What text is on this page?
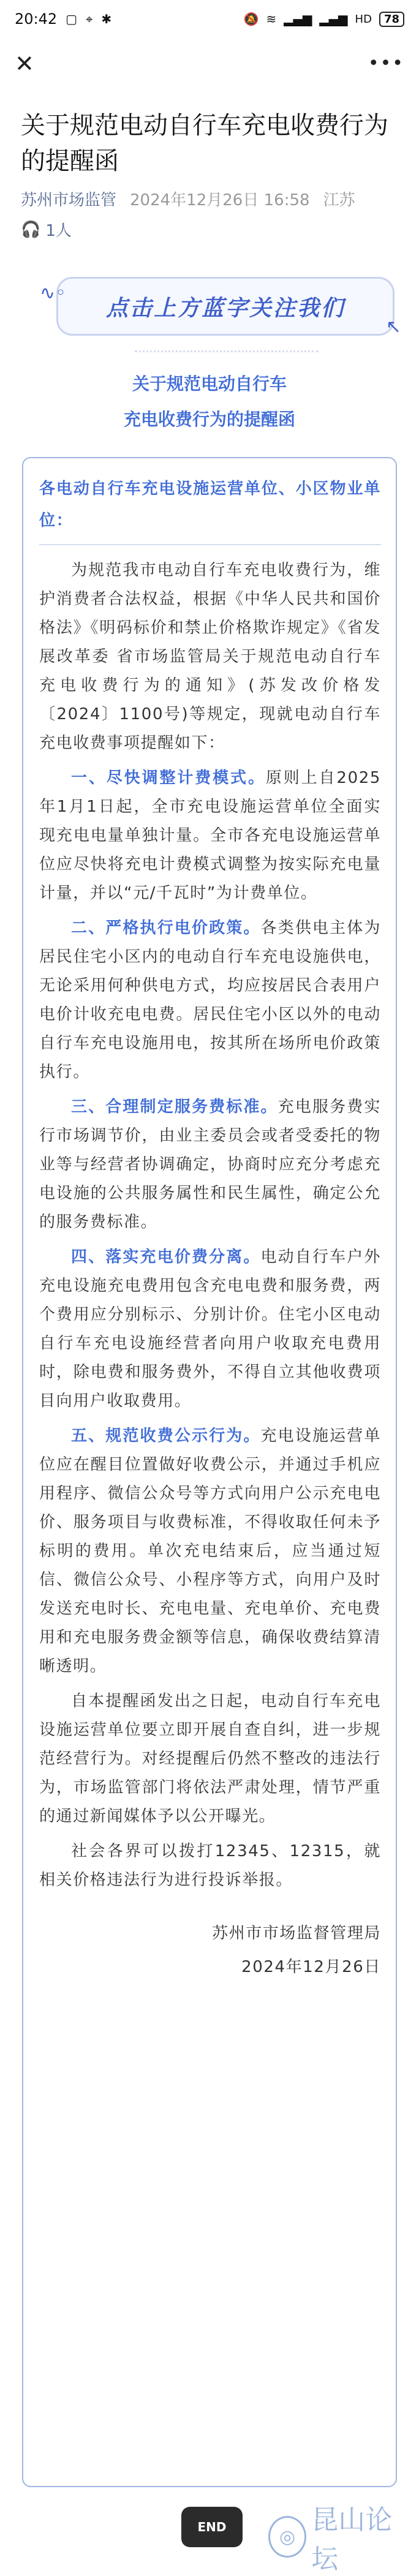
20:42 ▢ ⌖ ✱	🔕 ≋ ▂▄▆ ▂▄▆ HD	78
✕	•••
关于规范电动自行车充电收费行为的提醒函
苏州市场监管 2024年12月26日 16:58 江苏
🎧 1人
∿◦
点击上方蓝字关注我们
↖
关于规范电动自行车
充电收费行为的提醒函

各电动自行车充电设施运营单位、小区物业单位：

为规范我市电动自行车充电收费行为，维护消费者合法权益，根据《中华人民共和国价格法》《明码标价和禁止价格欺诈规定》《省发展改革委 省市场监管局关于规范电动自行车充电收费行为的通知》(苏发改价格发〔2024〕1100号)等规定，现就电动自行车充电收费事项提醒如下：

一、尽快调整计费模式。原则上自2025年1月1日起，全市充电设施运营单位全面实现充电电量单独计量。全市各充电设施运营单位应尽快将充电计费模式调整为按实际充电量计量，并以“元/千瓦时”为计费单位。

二、严格执行电价政策。各类供电主体为居民住宅小区内的电动自行车充电设施供电，无论采用何种供电方式，均应按居民合表用户电价计收充电电费。居民住宅小区以外的电动自行车充电设施用电，按其所在场所电价政策执行。

三、合理制定服务费标准。充电服务费实行市场调节价，由业主委员会或者受委托的物业等与经营者协调确定，协商时应充分考虑充电设施的公共服务属性和民生属性，确定公允的服务费标准。

四、落实充电价费分离。电动自行车户外充电设施充电费用包含充电电费和服务费，两个费用应分别标示、分别计价。住宅小区电动自行车充电设施经营者向用户收取充电费用时，除电费和服务费外，不得自立其他收费项目向用户收取费用。

五、规范收费公示行为。充电设施运营单位应在醒目位置做好收费公示，并通过手机应用程序、微信公众号等方式向用户公示充电电价、服务项目与收费标准，不得收取任何未予标明的费用。单次充电结束后，应当通过短信、微信公众号、小程序等方式，向用户及时发送充电时长、充电电量、充电单价、充电费用和充电服务费金额等信息，确保收费结算清晰透明。

自本提醒函发出之日起，电动自行车充电设施运营单位要立即开展自查自纠，进一步规范经营行为。对经提醒后仍然不整改的违法行为，市场监管部门将依法严肃处理，情节严重的通过新闻媒体予以公开曝光。

社会各界可以拨打12345、12315，就相关价格违法行为进行投诉举报。

苏州市市场监督管理局

2024年12月26日

END	◎
昆山论坛
